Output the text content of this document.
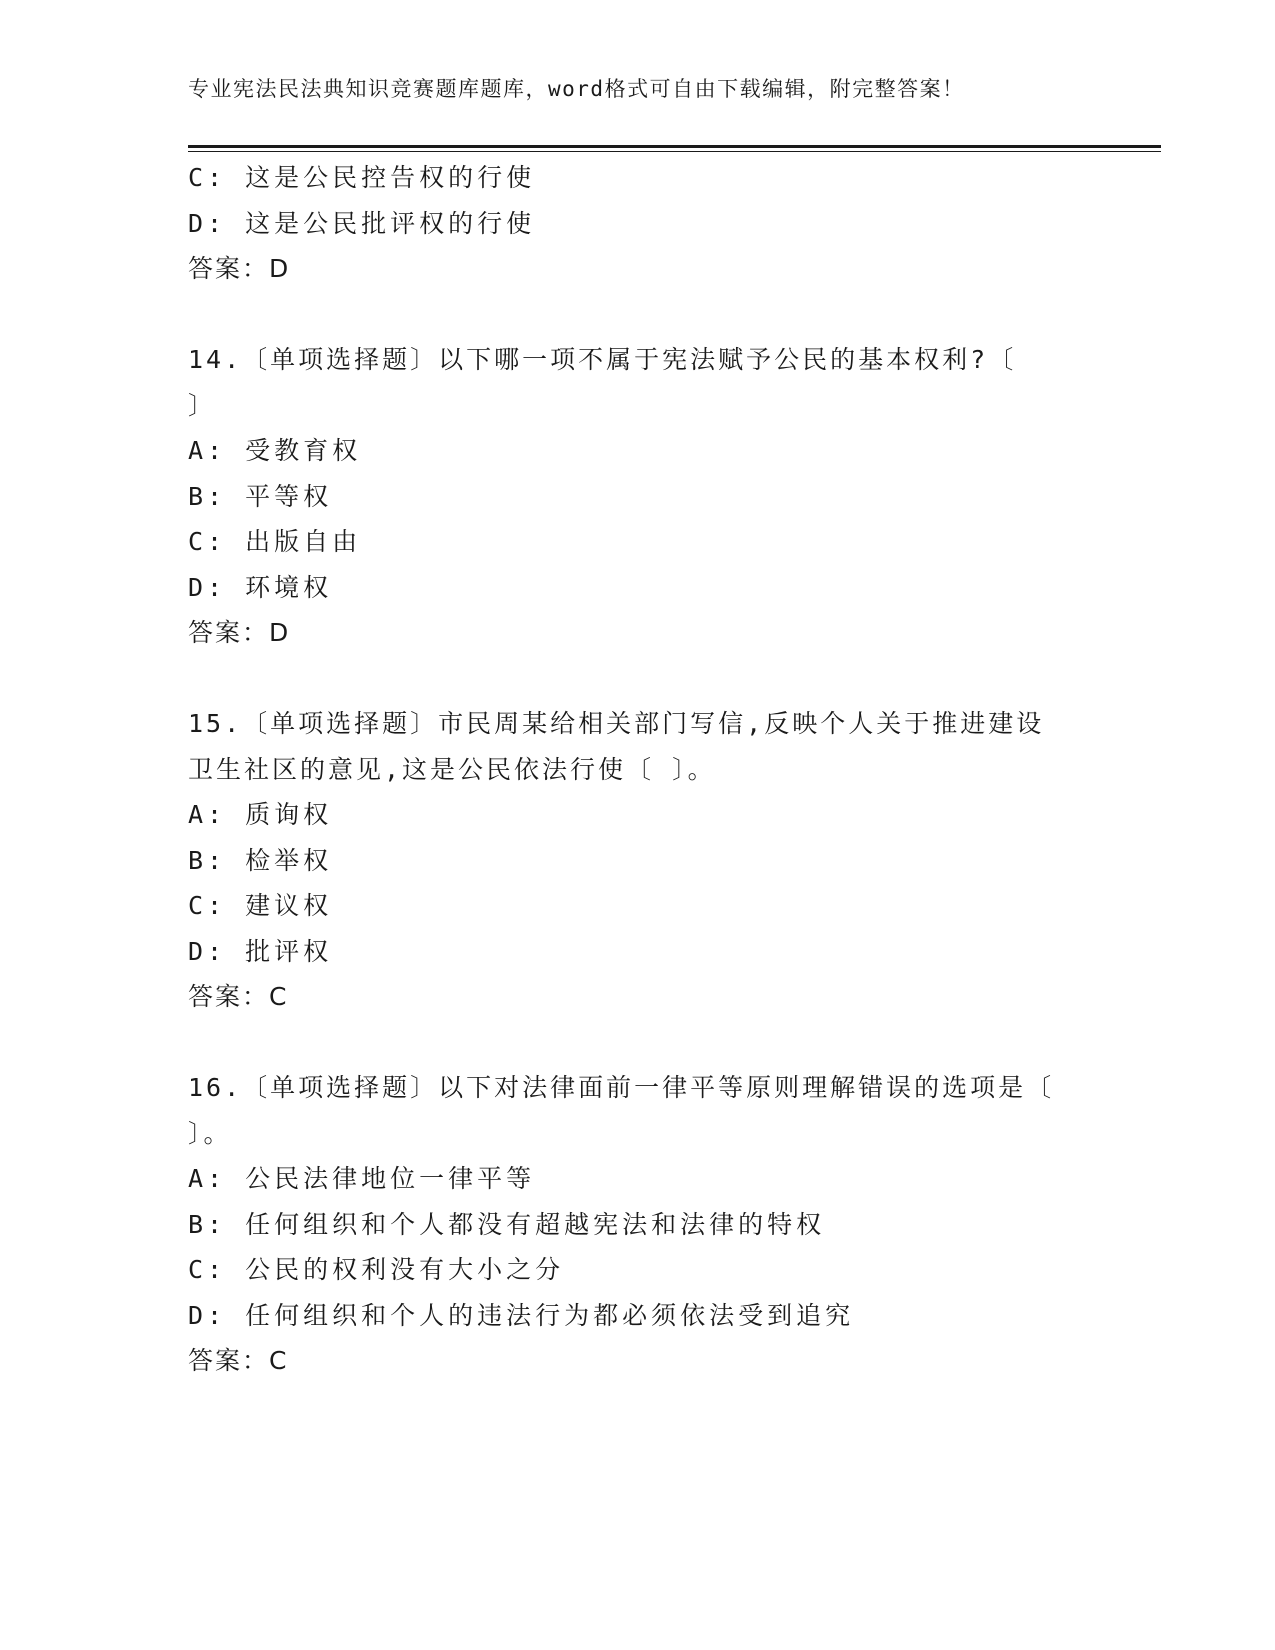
专业宪法民法典知识竞赛题库题库，word格式可自由下载编辑，附完整答案！
C: 这是公民控告权的行使
D: 这是公民批评权的行使
答案：D
14.〔单项选择题〕以下哪一项不属于宪法赋予公民的基本权利?〔
〕
A: 受教育权
B: 平等权
C: 出版自由
D: 环境权
答案：D
15.〔单项选择题〕市民周某给相关部门写信,反映个人关于推进建设
卫生社区的意见,这是公民依法行使〔 〕。
A: 质询权
B: 检举权
C: 建议权
D: 批评权
答案：C
16.〔单项选择题〕以下对法律面前一律平等原则理解错误的选项是〔
〕。
A: 公民法律地位一律平等
B: 任何组织和个人都没有超越宪法和法律的特权
C: 公民的权利没有大小之分
D: 任何组织和个人的违法行为都必须依法受到追究
答案：C
